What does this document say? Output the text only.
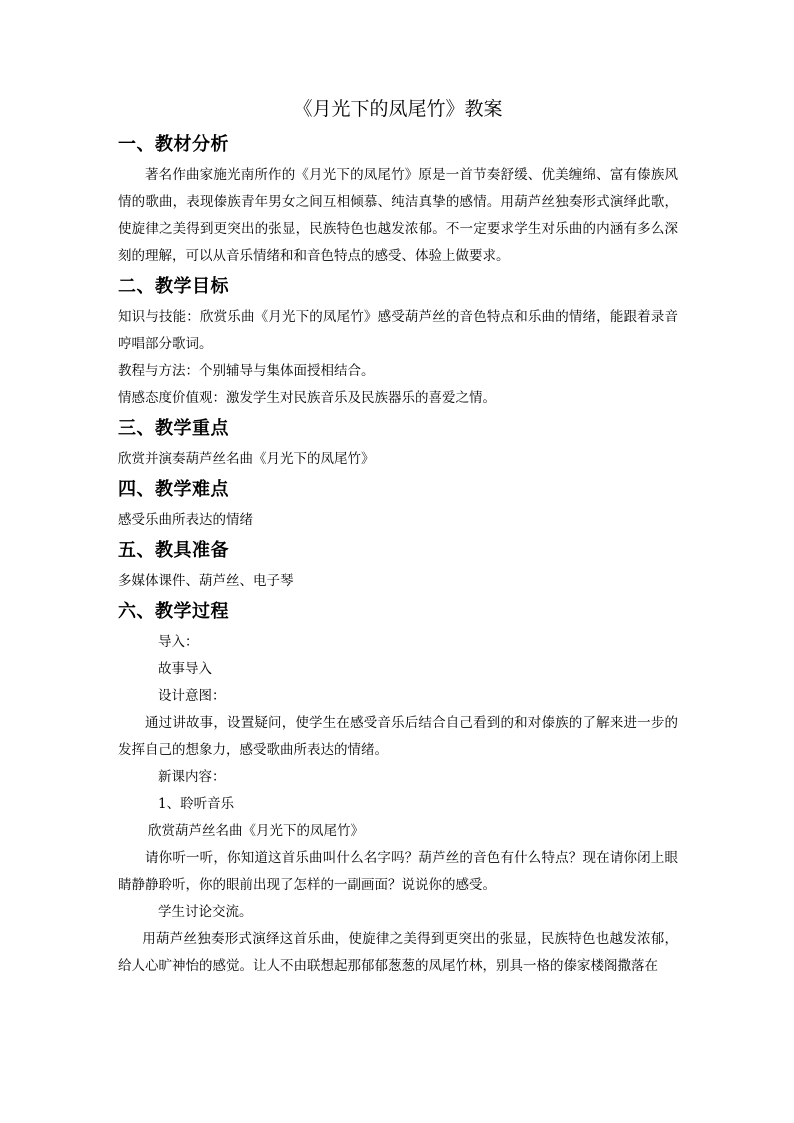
《月光下的凤尾竹》教案
一、教材分析

著名作曲家施光南所作的《月光下的凤尾竹》原是一首节奏舒缓、优美缠绵、富有傣族风情的歌曲，表现傣族青年男女之间互相倾慕、纯洁真挚的感情。用葫芦丝独奏形式演绎此歌，使旋律之美得到更突出的张显，民族特色也越发浓郁。不一定要求学生对乐曲的内涵有多么深刻的理解，可以从音乐情绪和和音色特点的感受、体验上做要求。

二、教学目标

知识与技能：欣赏乐曲《月光下的凤尾竹》感受葫芦丝的音色特点和乐曲的情绪，能跟着录音哼唱部分歌词。

教程与方法：个别辅导与集体面授相结合。

情感态度价值观：激发学生对民族音乐及民族器乐的喜爱之情。

三、教学重点

欣赏并演奏葫芦丝名曲《月光下的凤尾竹》

四、教学难点

感受乐曲所表达的情绪

五、教具准备

多媒体课件、葫芦丝、电子琴

六、教学过程

导入：

故事导入

设计意图：

通过讲故事，设置疑问，使学生在感受音乐后结合自己看到的和对傣族的了解来进一步的发挥自己的想象力，感受歌曲所表达的情绪。

新课内容：

1、聆听音乐

欣赏葫芦丝名曲《月光下的凤尾竹》

请你听一听，你知道这首乐曲叫什么名字吗？葫芦丝的音色有什么特点？现在请你闭上眼睛静静聆听，你的眼前出现了怎样的一副画面？说说你的感受。

学生讨论交流。

用葫芦丝独奏形式演绎这首乐曲，使旋律之美得到更突出的张显，民族特色也越发浓郁，给人心旷神怡的感觉。让人不由联想起那郁郁葱葱的凤尾竹林，别具一格的傣家楼阁撒落在
